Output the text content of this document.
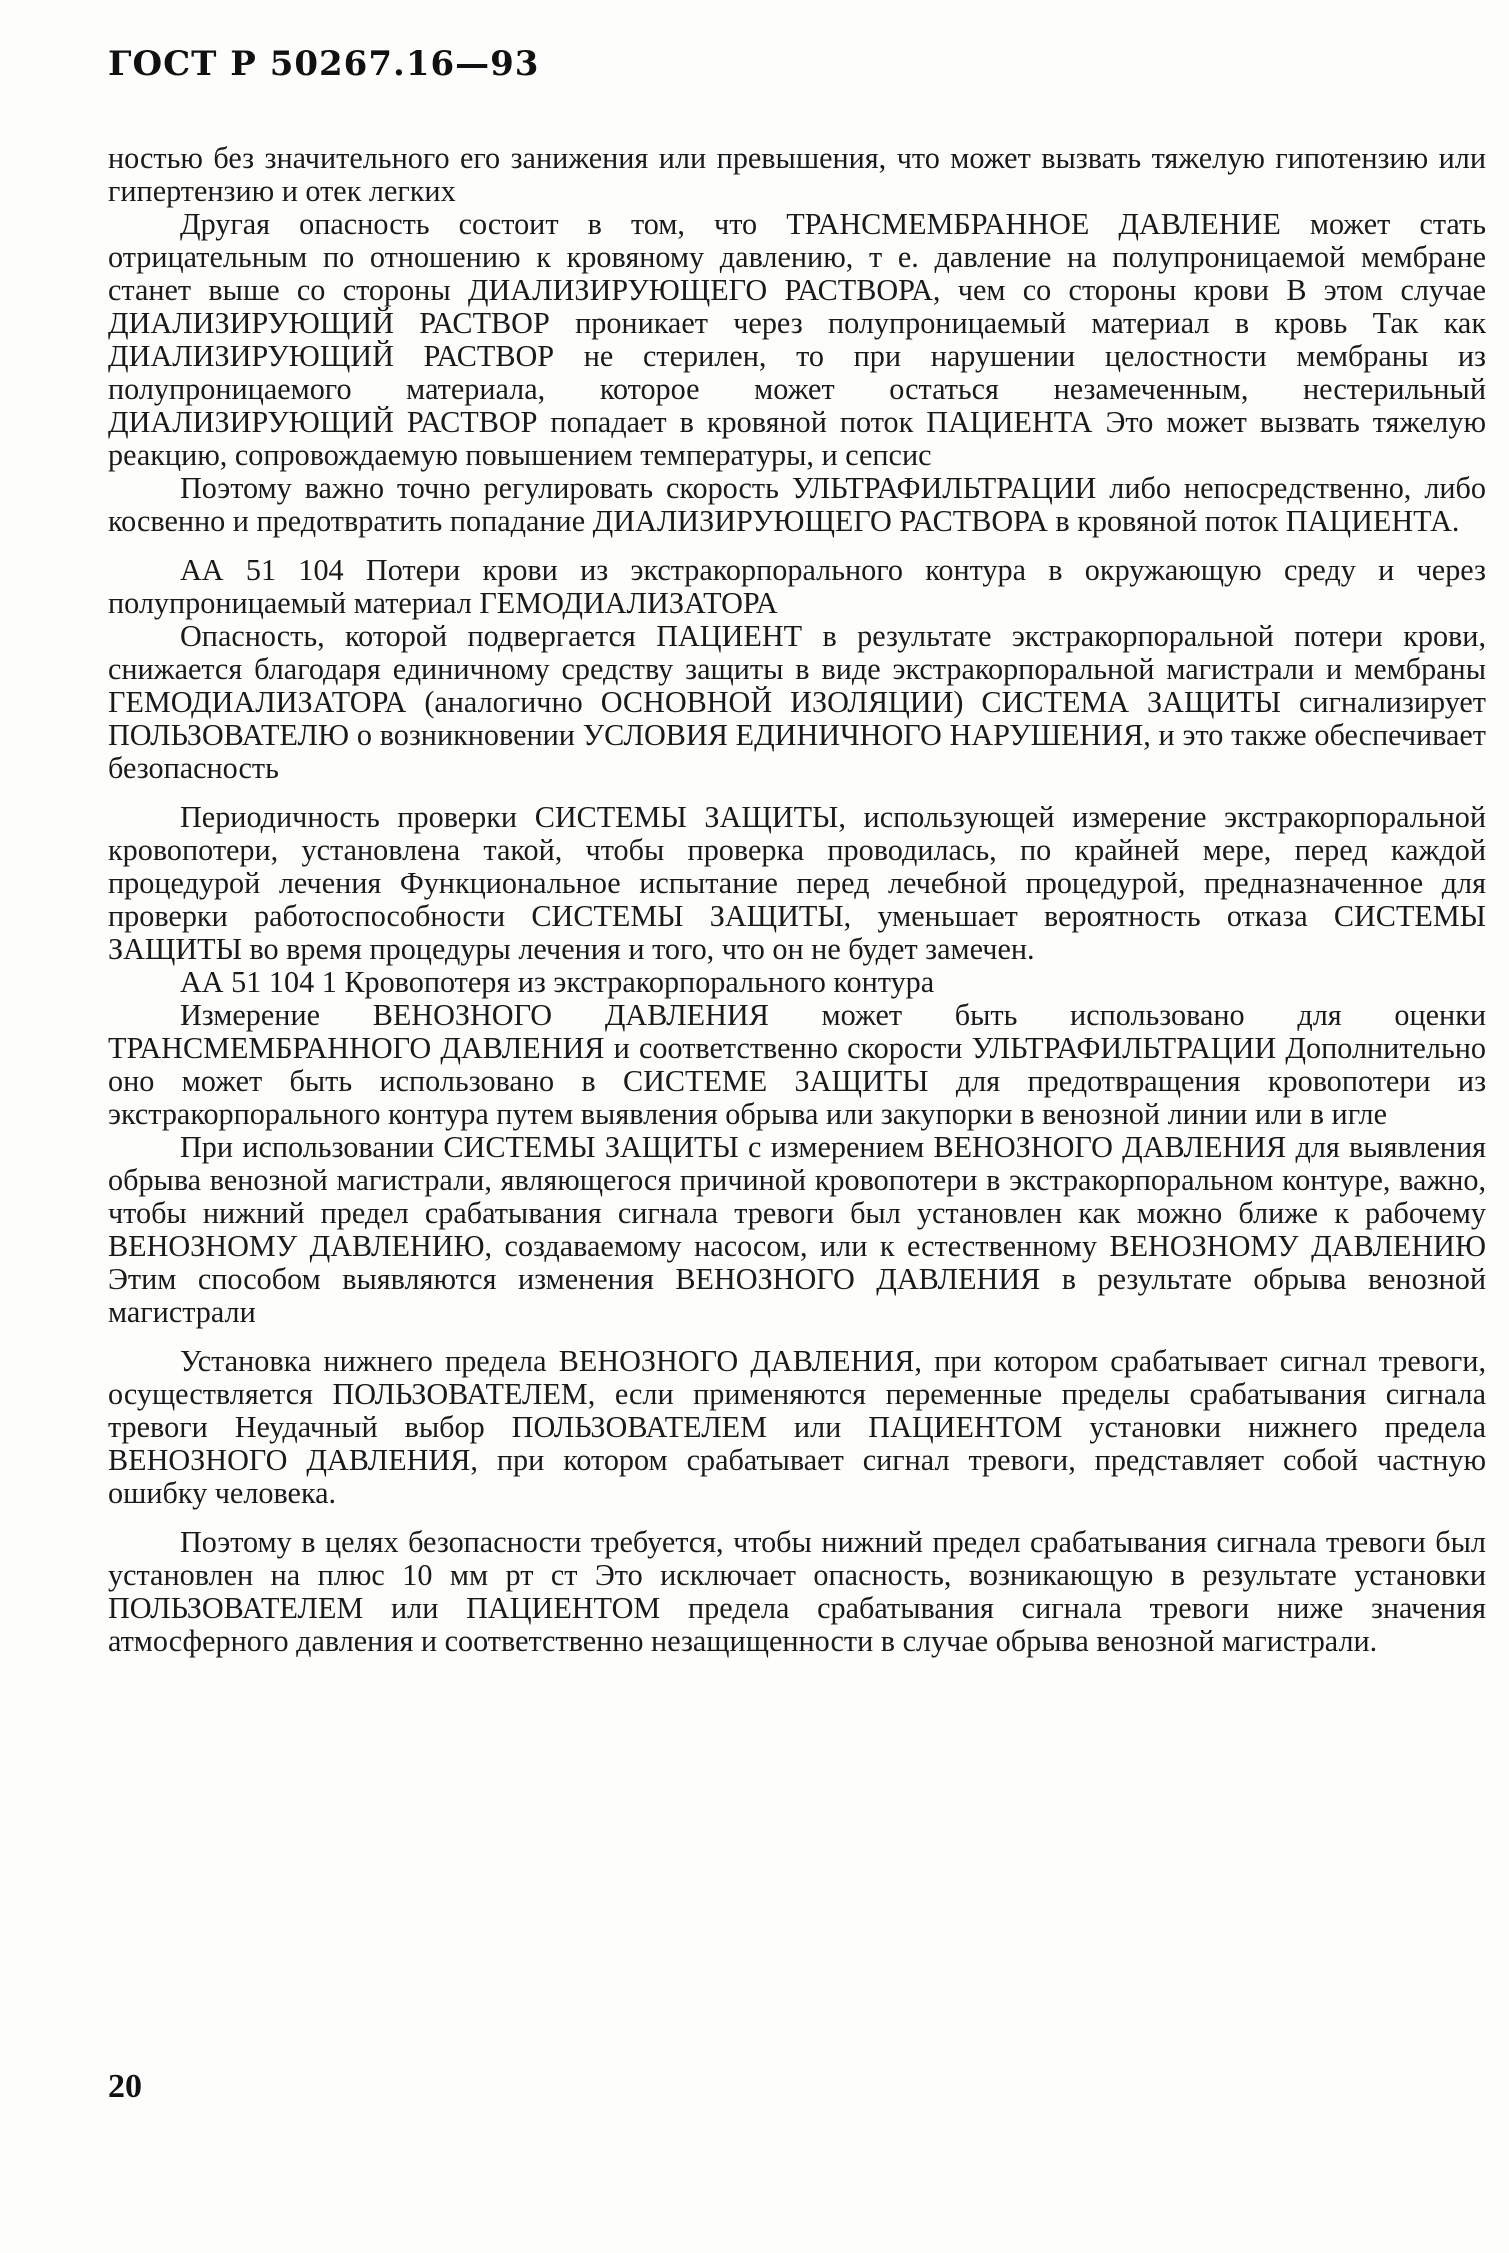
ГОСТ Р 50267.16—93

ностью без значительного его занижения или превышения, что может вызвать тяжелую гипотензию или гипертензию и отек легких

Другая опасность состоит в том, что ТРАНСМЕМБРАННОЕ ДАВЛЕНИЕ может стать отрицательным по отношению к кровяному давлению, т е. давление на полупроницаемой мембране станет выше со стороны ДИАЛИЗИРУЮЩЕГО РАСТВОРА, чем со стороны крови В этом случае ДИАЛИЗИРУЮЩИЙ РАСТВОР проникает через полупроницаемый материал в кровь Так как ДИАЛИЗИРУЮЩИЙ РАСТВОР не стерилен, то при нарушении целостности мембраны из полупроницаемого материала, которое может остаться незамеченным, нестерильный ДИАЛИЗИРУЮЩИЙ РАСТВОР попадает в кровяной поток ПАЦИЕНТА Это может вызвать тяжелую реакцию, сопровождаемую повышением температуры, и сепсис

Поэтому важно точно регулировать скорость УЛЬТРАФИЛЬТРАЦИИ либо непосредственно, либо косвенно и предотвратить попадание ДИАЛИЗИРУЮЩЕГО РАСТВОРА в кровяной поток ПАЦИЕНТА.

АА 51 104 Потери крови из экстракорпорального контура в окружающую среду и через полупроницаемый материал ГЕМОДИАЛИЗАТОРА

Опасность, которой подвергается ПАЦИЕНТ в результате экстракорпоральной потери крови, снижается благодаря единичному средству защиты в виде экстракорпоральной магистрали и мембраны ГЕМОДИАЛИЗАТОРА (аналогично ОСНОВНОЙ ИЗОЛЯЦИИ) СИСТЕМА ЗАЩИТЫ сигнализирует ПОЛЬЗОВАТЕЛЮ о возникновении УСЛОВИЯ ЕДИНИЧНОГО НАРУШЕНИЯ, и это также обеспечивает безопасность

Периодичность проверки СИСТЕМЫ ЗАЩИТЫ, использующей измерение экстракорпоральной кровопотери, установлена такой, чтобы проверка проводилась, по крайней мере, перед каждой процедурой лечения Функциональное испытание перед лечебной процедурой, предназначенное для проверки работоспособности СИСТЕМЫ ЗАЩИТЫ, уменьшает вероятность отказа СИСТЕМЫ ЗАЩИТЫ во время процедуры лечения и того, что он не будет замечен.

АА 51 104 1 Кровопотеря из экстракорпорального контура

Измерение ВЕНОЗНОГО ДАВЛЕНИЯ может быть использовано для оценки ТРАНСМЕМБРАННОГО ДАВЛЕНИЯ и соответственно скорости УЛЬТРАФИЛЬТРАЦИИ Дополнительно оно может быть использовано в СИСТЕМЕ ЗАЩИТЫ для предотвращения кровопотери из экстракорпорального контура путем выявления обрыва или закупорки в венозной линии или в игле

При использовании СИСТЕМЫ ЗАЩИТЫ с измерением ВЕНОЗНОГО ДАВЛЕНИЯ для выявления обрыва венозной магистрали, являющегося причиной кровопотери в экстракорпоральном контуре, важно, чтобы нижний предел срабатывания сигнала тревоги был установлен как можно ближе к рабочему ВЕНОЗНОМУ ДАВЛЕНИЮ, создаваемому насосом, или к естественному ВЕНОЗНОМУ ДАВЛЕНИЮ Этим способом выявляются изменения ВЕНОЗНОГО ДАВЛЕНИЯ в результате обрыва венозной магистрали

Установка нижнего предела ВЕНОЗНОГО ДАВЛЕНИЯ, при котором срабатывает сигнал тревоги, осуществляется ПОЛЬЗОВАТЕЛЕМ, если применяются переменные пределы срабатывания сигнала тревоги Неудачный выбор ПОЛЬЗОВАТЕЛЕМ или ПАЦИЕНТОМ установки нижнего предела ВЕНОЗНОГО ДАВЛЕНИЯ, при котором срабатывает сигнал тревоги, представляет собой частную ошибку человека.

Поэтому в целях безопасности требуется, чтобы нижний предел срабатывания сигнала тревоги был установлен на плюс 10 мм рт ст Это исключает опасность, возникающую в результате установки ПОЛЬЗОВАТЕЛЕМ или ПАЦИЕНТОМ предела срабатывания сигнала тревоги ниже значения атмосферного давления и соответственно незащищенности в случае обрыва венозной магистрали.

20
